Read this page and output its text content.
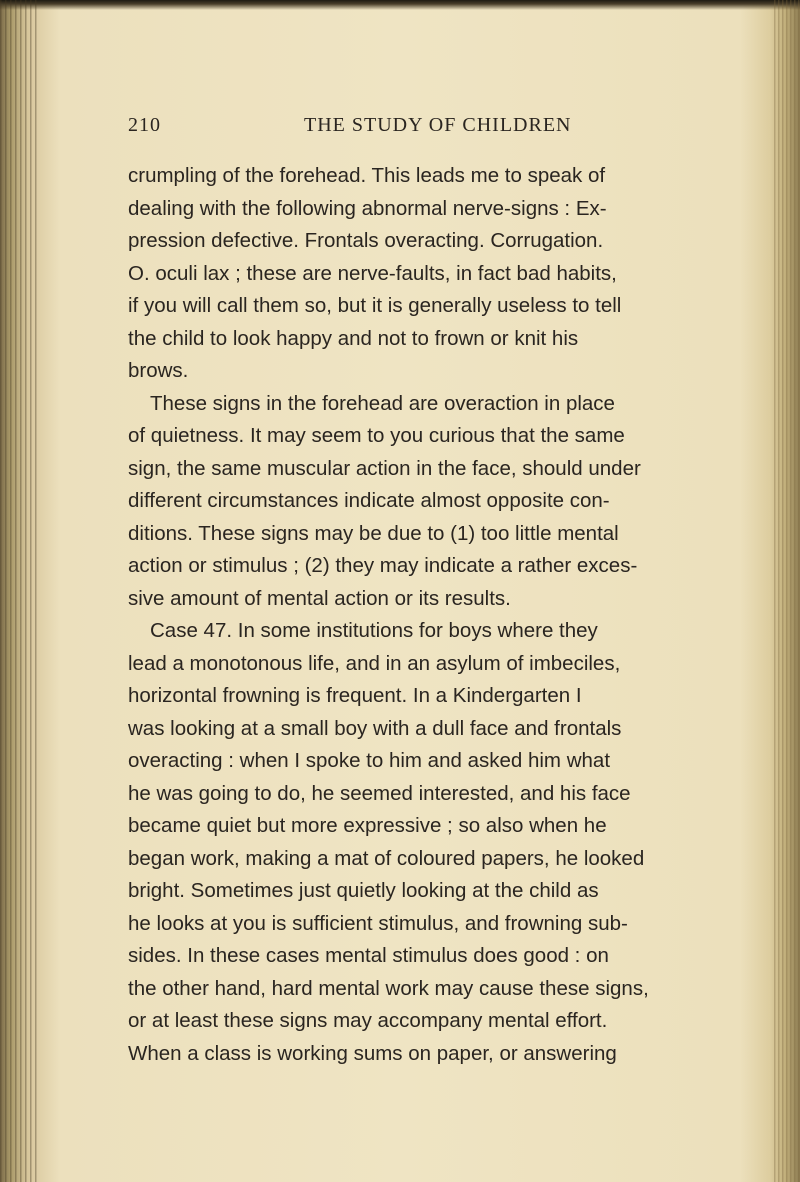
210	THE STUDY OF CHILDREN
crumpling of the forehead. This leads me to speak of
dealing with the following abnormal nerve-signs : Ex-
pression defective. Frontals overacting. Corrugation.
O. oculi lax ; these are nerve-faults, in fact bad habits,
if you will call them so, but it is generally useless to tell
the child to look happy and not to frown or knit his
brows.
These signs in the forehead are overaction in place
of quietness. It may seem to you curious that the same
sign, the same muscular action in the face, should under
different circumstances indicate almost opposite con-
ditions. These signs may be due to (1) too little mental
action or stimulus ; (2) they may indicate a rather exces-
sive amount of mental action or its results.
Case 47. In some institutions for boys where they
lead a monotonous life, and in an asylum of imbeciles,
horizontal frowning is frequent. In a Kindergarten I
was looking at a small boy with a dull face and frontals
overacting : when I spoke to him and asked him what
he was going to do, he seemed interested, and his face
became quiet but more expressive ; so also when he
began work, making a mat of coloured papers, he looked
bright. Sometimes just quietly looking at the child as
he looks at you is sufficient stimulus, and frowning sub-
sides. In these cases mental stimulus does good : on
the other hand, hard mental work may cause these signs,
or at least these signs may accompany mental effort.
When a class is working sums on paper, or answering
